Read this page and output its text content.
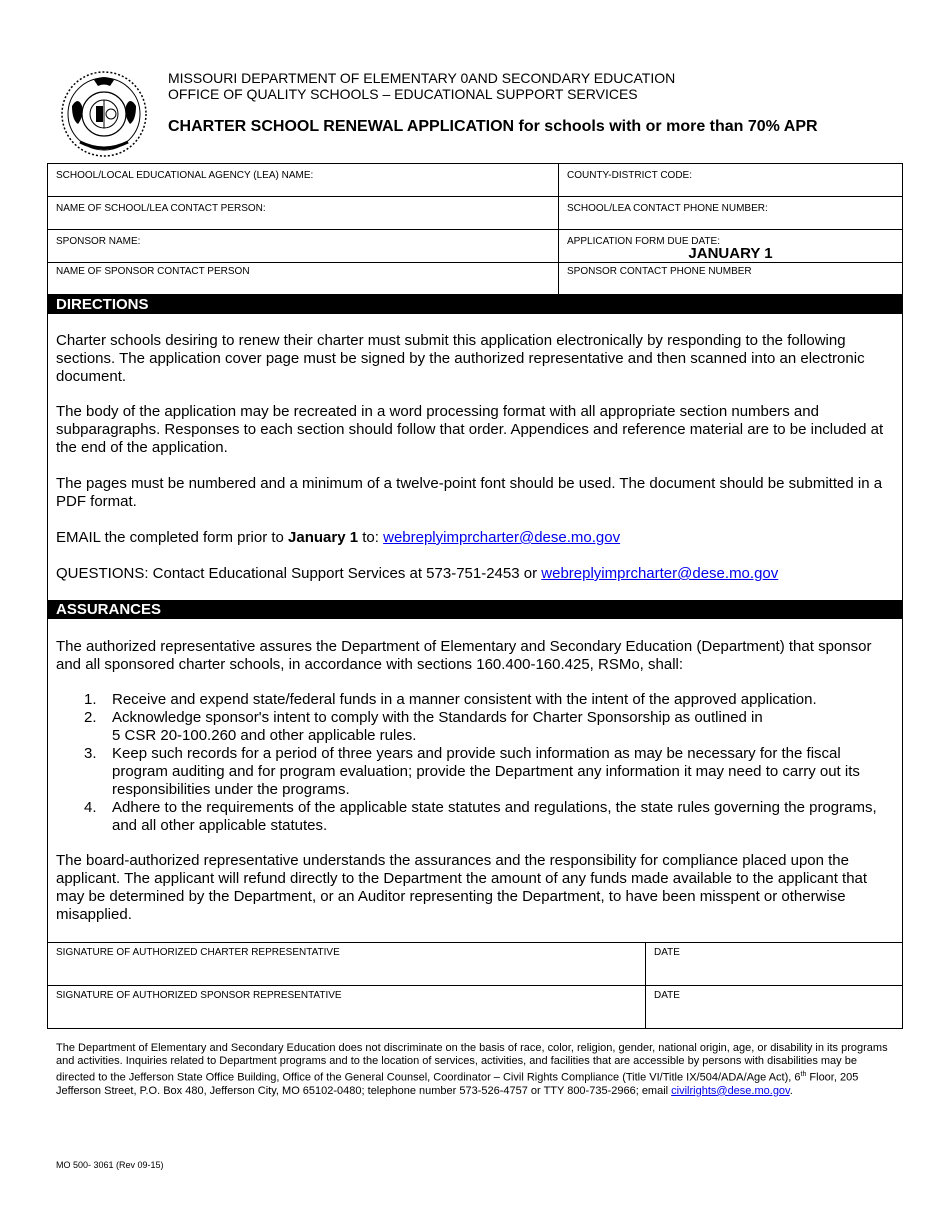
MISSOURI DEPARTMENT OF ELEMENTARY 0AND SECONDARY EDUCATION
OFFICE OF QUALITY SCHOOLS – EDUCATIONAL SUPPORT SERVICES
CHARTER SCHOOL RENEWAL APPLICATION for schools with or more than 70% APR
SCHOOL/LOCAL EDUCATIONAL AGENCY (LEA) NAME:	COUNTY-DISTRICT CODE:
NAME OF SCHOOL/LEA CONTACT PERSON:	SCHOOL/LEA CONTACT PHONE NUMBER:
SPONSOR NAME:	APPLICATION FORM DUE DATE:
JANUARY 1
NAME OF SPONSOR CONTACT PERSON	SPONSOR CONTACT PHONE NUMBER
DIRECTIONS

Charter schools desiring to renew their charter must submit this application electronically by responding to the following sections. The application cover page must be signed by the authorized representative and then scanned into an electronic document.

The body of the application may be recreated in a word processing format with all appropriate section numbers and subparagraphs. Responses to each section should follow that order. Appendices and reference material are to be included at the end of the application.

The pages must be numbered and a minimum of a twelve-point font should be used. The document should be submitted in a PDF format.

EMAIL the completed form prior to January 1 to: webreplyimprcharter@dese.mo.gov

QUESTIONS: Contact Educational Support Services at 573-751-2453 or webreplyimprcharter@dese.mo.gov

ASSURANCES

The authorized representative assures the Department of Elementary and Secondary Education (Department) that sponsor and all sponsored charter schools, in accordance with sections 160.400-160.425, RSMo, shall:

1. Receive and expend state/federal funds in a manner consistent with the intent of the approved application.
2. Acknowledge sponsor's intent to comply with the Standards for Charter Sponsorship as outlined in
5 CSR 20-100.260 and other applicable rules.
3. Keep such records for a period of three years and provide such information as may be necessary for the fiscal program auditing and for program evaluation; provide the Department any information it may need to carry out its responsibilities under the programs.
4. Adhere to the requirements of the applicable state statutes and regulations, the state rules governing the programs, and all other applicable statutes.

The board-authorized representative understands the assurances and the responsibility for compliance placed upon the applicant. The applicant will refund directly to the Department the amount of any funds made available to the applicant that may be determined by the Department, or an Auditor representing the Department, to have been misspent or otherwise misapplied.

SIGNATURE OF AUTHORIZED CHARTER REPRESENTATIVE	DATE
SIGNATURE OF AUTHORIZED SPONSOR REPRESENTATIVE	DATE

The Department of Elementary and Secondary Education does not discriminate on the basis of race, color, religion, gender, national origin, age, or disability in its programs and activities. Inquiries related to Department programs and to the location of services, activities, and facilities that are accessible by persons with disabilities may be directed to the Jefferson State Office Building, Office of the General Counsel, Coordinator – Civil Rights Compliance (Title VI/Title IX/504/ADA/Age Act), 6th Floor, 205 Jefferson Street, P.O. Box 480, Jefferson City, MO 65102-0480; telephone number 573-526-4757 or TTY 800-735-2966; email civilrights@dese.mo.gov.

MO 500- 3061 (Rev 09-15)
